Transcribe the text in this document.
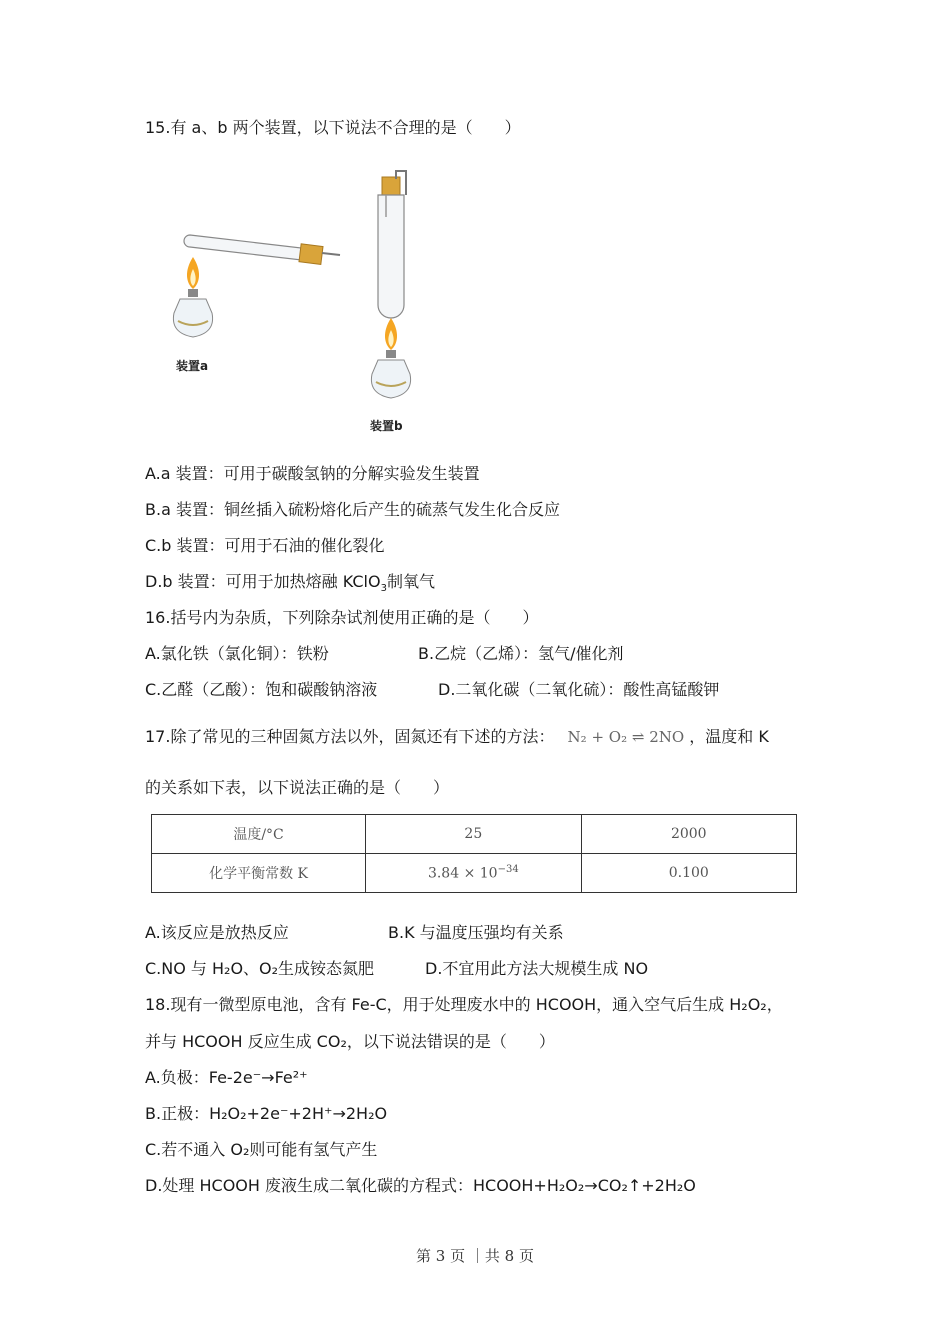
15.有 a、b 两个装置，以下说法不合理的是（　　）
装置a
装置b
A.a 装置：可用于碳酸氢钠的分解实验发生装置
B.a 装置：铜丝插入硫粉熔化后产生的硫蒸气发生化合反应
C.b 装置：可用于石油的催化裂化
D.b 装置：可用于加热熔融 KClO$_3$制氧气
16.括号内为杂质，下列除杂试剂使用正确的是（　　）
A.氯化铁（氯化铜）：铁粉	B.乙烷（乙烯）：氢气/催化剂
C.乙醛（乙酸）：饱和碳酸钠溶液	D.二氧化碳（二氧化硫）：酸性高锰酸钾
17.除了常见的三种固氮方法以外，固氮还有下述的方法： N₂ + O₂ ⇌ 2NO ，温度和 K
的关系如下表，以下说法正确的是（　　）
温度/°C	25	2000
化学平衡常数 K	$3.84 \times 10^{-34}$	0.100
A.该反应是放热反应	B.K 与温度压强均有关系
C.NO 与 H₂O、O₂生成铵态氮肥	D.不宜用此方法大规模生成 NO
18.现有一微型原电池，含有 Fe-C，用于处理废水中的 HCOOH，通入空气后生成 H₂O₂，
并与 HCOOH 反应生成 CO₂，以下说法错误的是（　　）
A.负极：Fe-2e⁻→Fe²⁺
B.正极：H₂O₂+2e⁻+2H⁺→2H₂O
C.若不通入 O₂则可能有氢气产生
D.处理 HCOOH 废液生成二氧化碳的方程式：HCOOH+H₂O₂→CO₂↑+2H₂O
第 3 页 ｜共 8 页
